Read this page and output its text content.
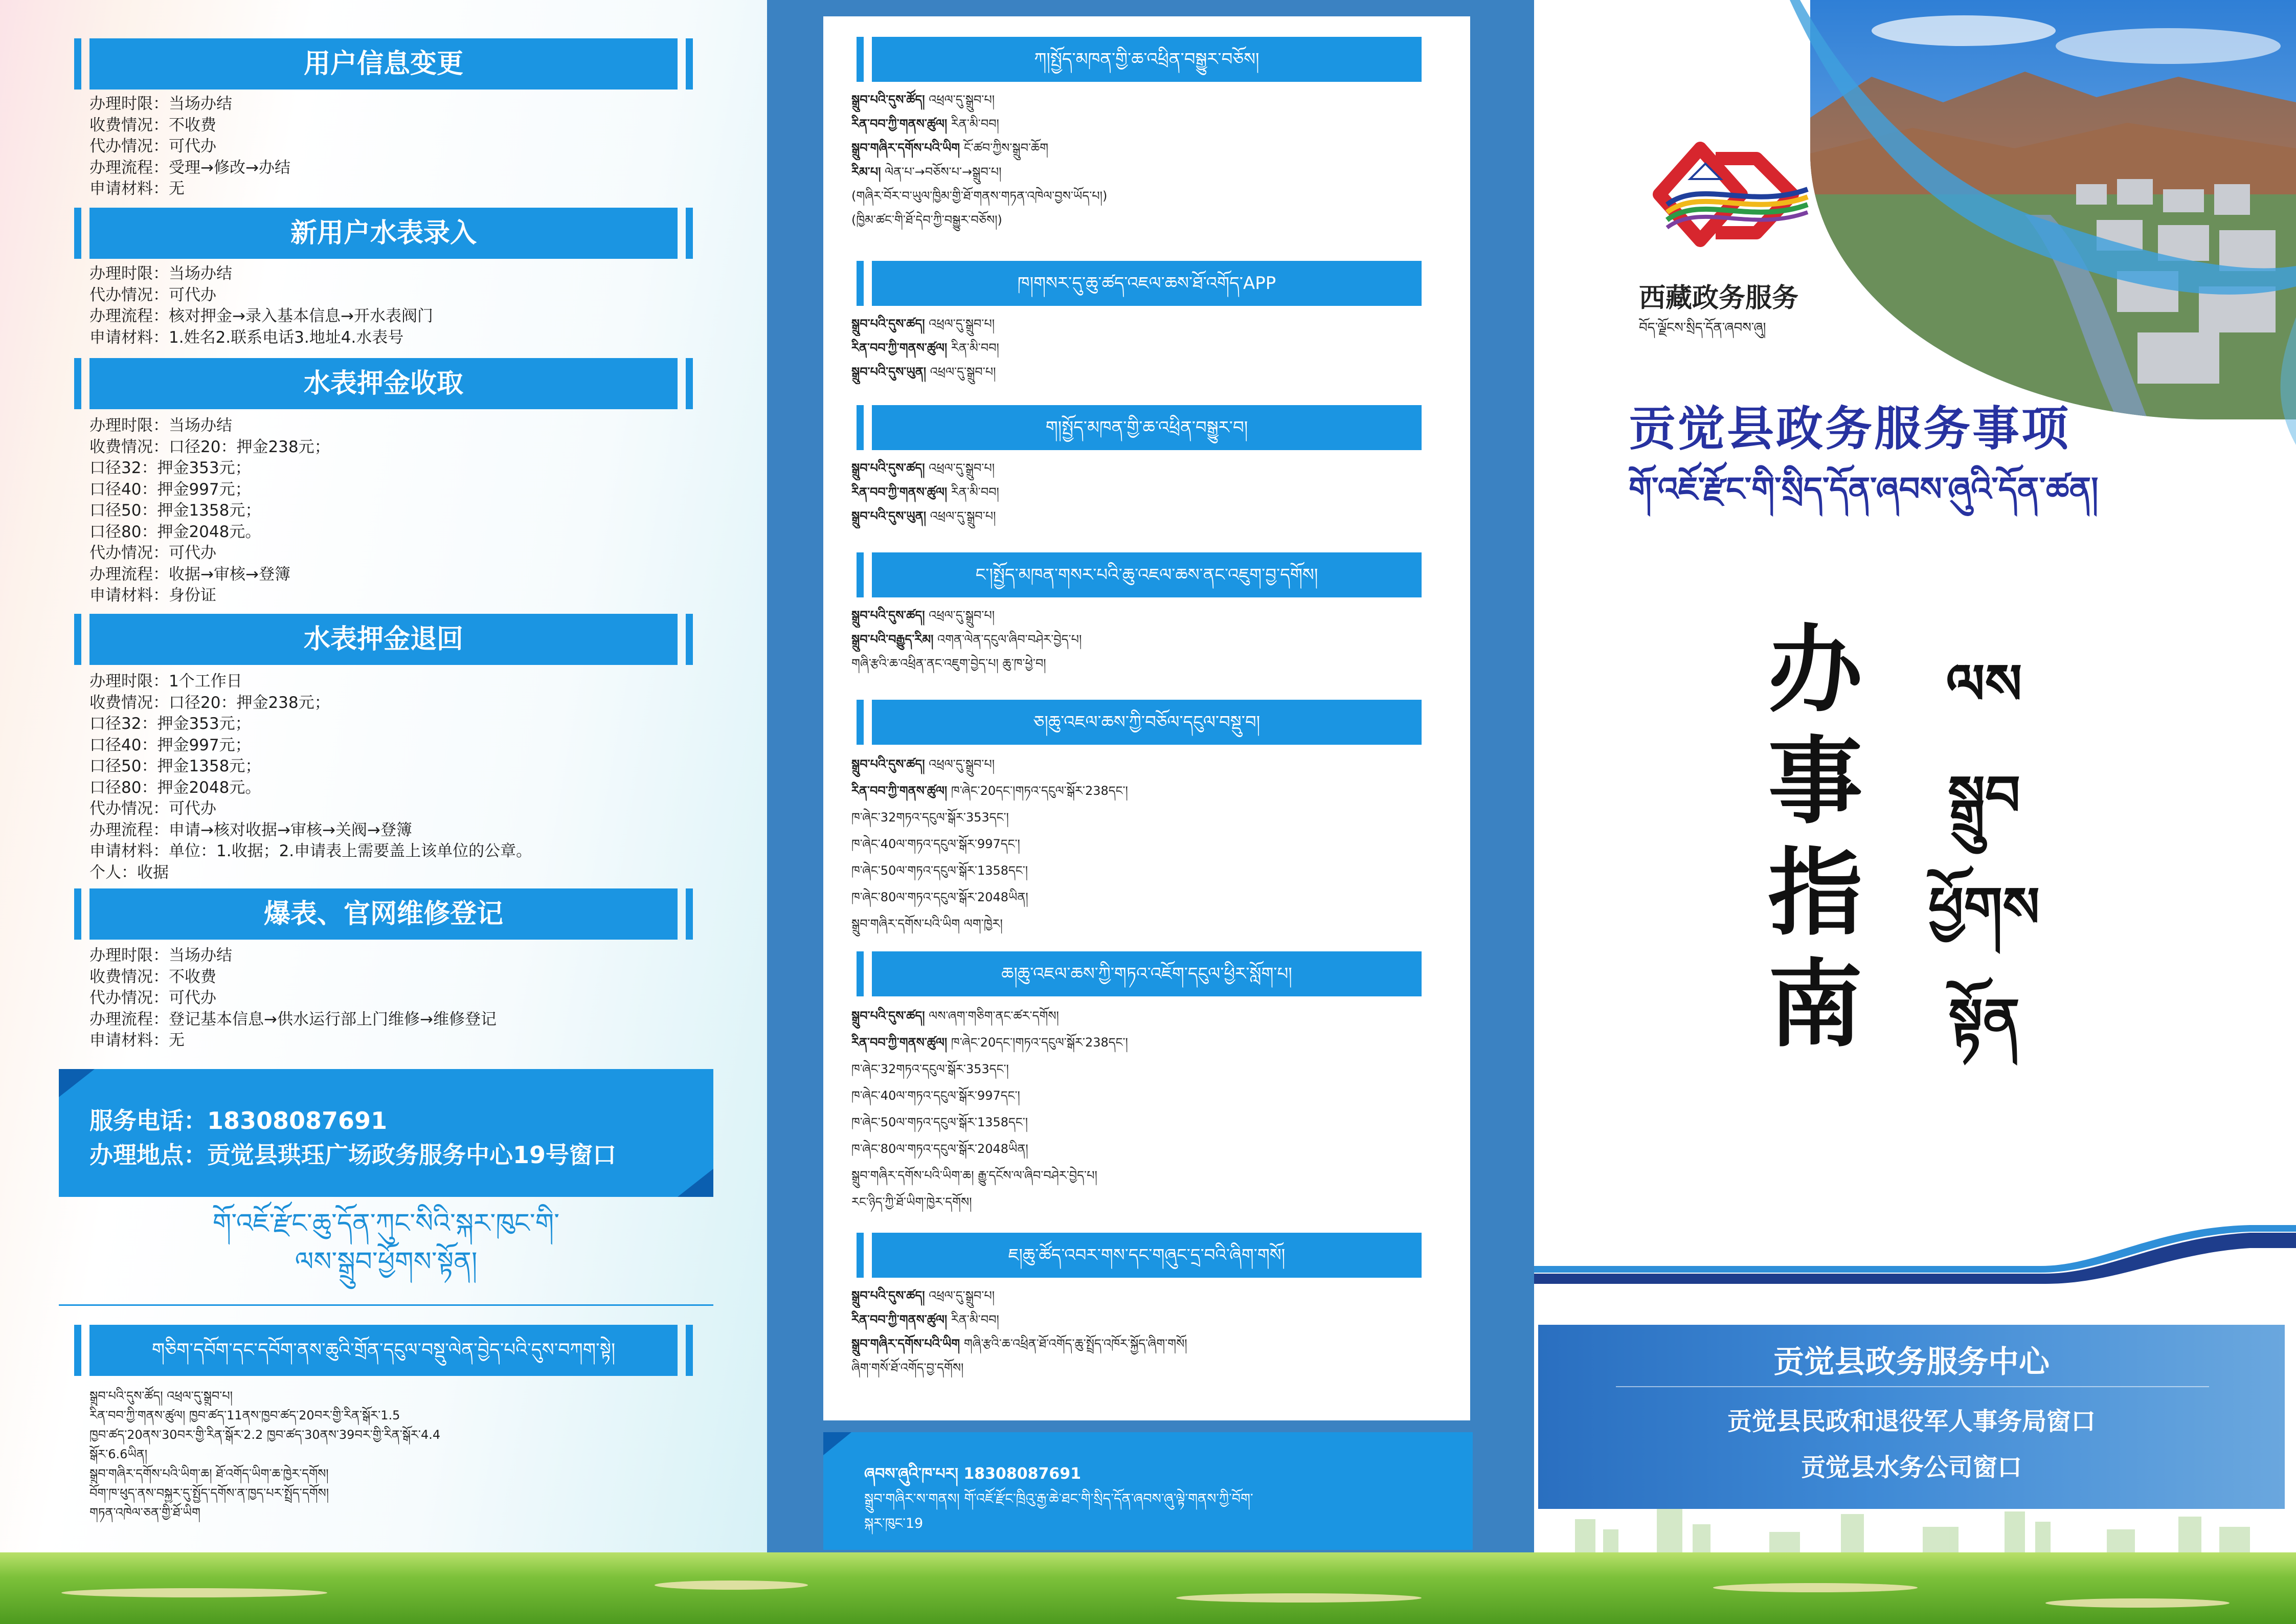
用户信息变更
办理时限：当场办结
收费情况：不收费
代办情况：可代办
办理流程：受理→修改→办结
申请材料：无
新用户水表录入
办理时限：当场办结
代办情况：可代办
办理流程：核对押金→录入基本信息→开水表阀门
申请材料：1.姓名2.联系电话3.地址4.水表号
水表押金收取
办理时限：当场办结
收费情况：口径20：押金238元；
口径32：押金353元；
口径40：押金997元；
口径50：押金1358元；
口径80：押金2048元。
代办情况：可代办
办理流程：收据→审核→登簿
申请材料：身份证
水表押金退回
办理时限：1个工作日
收费情况：口径20：押金238元；
口径32：押金353元；
口径40：押金997元；
口径50：押金1358元；
口径80：押金2048元。
代办情况：可代办
办理流程：申请→核对收据→审核→关阀→登簿
申请材料：单位：1.收据；2.申请表上需要盖上该单位的公章。
个人：收据
爆表、官网维修登记
办理时限：当场办结
收费情况：不收费
代办情况：可代办
办理流程：登记基本信息→供水运行部上门维修→维修登记
申请材料：无
服务电话：18308087691
办理地点：贡觉县珙珏广场政务服务中心19号窗口
གོ་འཇོ་རྫོང་ཆུ་དོན་ཀུང་སིའི་སྐར་ཁུང་གི་
ལས་སྒྲུབ་ཕྱོགས་སྟོན།
གཅིག་དབོག་དང་དབོག་ནས་ཆུའི་གྲོན་དངུལ་བསྡུ་ལེན་བྱེད་པའི་དུས་བཀག་སྟེ།
སྒྲུབ་པའི་དུས་ཚོད། འཕྲལ་དུ་སྒྲུབ་པ།
རིན་བབ་ཀྱི་གནས་ཚུལ། ཁྱབ་ཚད་11ནས་ཁྱབ་ཚད་20བར་གྱི་རིན་སྒོར་1.5
ཁྱབ་ཚད་20ནས་30བར་གྱི་རིན་སྒོར་2.2 ཁྱབ་ཚད་30ནས་39བར་གྱི་རིན་སྒོར་4.4
སྒོར་6.6ཡིན།
སྒྲུབ་གཞིར་དགོས་པའི་ཡིག་ཆ། ཐོ་འགོད་ཡིག་ཆ་ཁྱེར་དགོས།
བོག་ཁ་ཕུད་ནས་བསྐྱར་དུ་སྤྱོད་དགོས་ན་ཁྱད་པར་སྤྲོད་དགོས།
གཏན་འཁེལ་ཅན་གྱི་ཐོ་ཡིག
ཀ།སྤྱོད་མཁན་གྱི་ཆ་འཕྲིན་བསྒྱུར་བཅོས།
སྒྲུབ་པའི་དུས་ཚོད། འཕྲལ་དུ་སྒྲུབ་པ།
རིན་བབ་ཀྱི་གནས་ཚུལ། རིན་མི་བབ།
སྒྲུབ་གཞིར་དགོས་པའི་ཡིག ངོ་ཚབ་ཀྱིས་སྒྲུབ་ཆོག
རིམ་པ། ལེན་པ་→བཅོས་པ་→སྒྲུབ་པ།
(གཞིར་བོར་བ་ཡུལ་ཁྱིམ་གྱི་ཐོ་གནས་གཏན་འཁེལ་བྱས་ཡོད་པ།)
(ཁྱིམ་ཚང་གི་ཐོ་དེབ་ཀྱི་བསྒྱུར་བཅོས།)
ཁ།གསར་དུ་ཆུ་ཚད་འཇལ་ཆས་ཐོ་འགོད་APP
སྒྲུབ་པའི་དུས་ཚད། འཕྲལ་དུ་སྒྲུབ་པ།
རིན་བབ་ཀྱི་གནས་ཚུལ། རིན་མི་བབ།
སྒྲུབ་པའི་དུས་ཡུན། འཕྲལ་དུ་སྒྲུབ་པ།
ག།སྤྱོད་མཁན་གྱི་ཆ་འཕྲིན་བསྒྱུར་བ།
སྒྲུབ་པའི་དུས་ཚད། འཕྲལ་དུ་སྒྲུབ་པ།
རིན་བབ་ཀྱི་གནས་ཚུལ། རིན་མི་བབ།
སྒྲུབ་པའི་དུས་ཡུན། འཕྲལ་དུ་སྒྲུབ་པ།
ང་།སྤྱོད་མཁན་གསར་པའི་ཆུ་འཇལ་ཆས་ནང་འཇུག་བྱ་དགོས།
སྒྲུབ་པའི་དུས་ཚད། འཕྲལ་དུ་སྒྲུབ་པ།
སྒྲུབ་པའི་བརྒྱུད་རིམ། འགན་ལེན་དངུལ་ཞིབ་བཤེར་བྱེད་པ།
གཞི་རྩའི་ཆ་འཕྲིན་ནང་འཇུག་བྱེད་པ། ཆུ་ཁ་ཕྱེ་བ།
ཅ།ཆུ་འཇལ་ཆས་ཀྱི་བཅོལ་དངུལ་བསྡུ་བ།
སྒྲུབ་པའི་དུས་ཚད། འཕྲལ་དུ་སྒྲུབ་པ།
རིན་བབ་ཀྱི་གནས་ཚུལ། ཁ་ཞེང་20དང་།གཏའ་དངུལ་སྒོར་238དང་།
ཁ་ཞེང་32གཏའ་དངུལ་སྒོར་353དང་།
ཁ་ཞེང་40ལ་གཏའ་དངུལ་སྒོར་997དང་།
ཁ་ཞེང་50ལ་གཏའ་དངུལ་སྒོར་1358དང་།
ཁ་ཞེང་80ལ་གཏའ་དངུལ་སྒོར་2048ཡིན།
སྒྲུབ་གཞིར་དགོས་པའི་ཡིག ལག་ཁྱེར།
ཆ།ཆུ་འཇལ་ཆས་ཀྱི་གཏའ་འཇོག་དངུལ་ཕྱིར་སློག་པ།
སྒྲུབ་པའི་དུས་ཚད། ལས་ཞག་གཅིག་ནང་ཚར་དགོས།
རིན་བབ་ཀྱི་གནས་ཚུལ། ཁ་ཞེང་20དང་།གཏའ་དངུལ་སྒོར་238དང་།
ཁ་ཞེང་32གཏའ་དངུལ་སྒོར་353དང་།
ཁ་ཞེང་40ལ་གཏའ་དངུལ་སྒོར་997དང་།
ཁ་ཞེང་50ལ་གཏའ་དངུལ་སྒོར་1358དང་།
ཁ་ཞེང་80ལ་གཏའ་དངུལ་སྒོར་2048ཡིན།
སྒྲུབ་གཞིར་དགོས་པའི་ཡིག་ཆ། རྒྱུ་དངོས་ལ་ཞིབ་བཤེར་བྱེད་པ།
རང་ཉིད་ཀྱི་ཐོ་ཡིག་ཁྱེར་དགོས།
ཇ།ཆུ་ཚོད་འབར་གས་དང་གཞུང་དྲ་བའི་ཞིག་གསོ།
སྒྲུབ་པའི་དུས་ཚད། འཕྲལ་དུ་སྒྲུབ་པ།
རིན་བབ་ཀྱི་གནས་ཚུལ། རིན་མི་བབ།
སྒྲུབ་གཞིར་དགོས་པའི་ཡིག གཞི་རྩའི་ཆ་འཕྲིན་ཐོ་འགོད་ཆུ་སྤྲོད་འཁོར་སྐྱོད་ཞིག་གསོ།
ཞིག་གསོ་ཐོ་འགོད་བྱ་དགོས།
ཞབས་ཞུའི་ཁ་པར། 18308087691
སྒྲུབ་གཞིར་ས་གནས། གོ་འཇོ་རྫོང་ཁྲིའུ་རྒྱ་ཆེ་ཐང་གི་སྲིད་དོན་ཞབས་ཞུ་ལྟེ་གནས་ཀྱི་བོག་
སྐར་ཁུང་19
西藏政务服务
བོད་ལྗོངས་སྲིད་དོན་ཞབས་ཞུ།
贡觉县政务服务事项
གོ་འཇོ་རྫོང་གི་སྲིད་དོན་ཞབས་ཞུའི་དོན་ཚན།
办
事
指
南
ལས
སྒྲུབ
ཕྱོགས
སྟོན
贡觉县政务服务中心
贡觉县民政和退役军人事务局窗口
贡觉县水务公司窗口
